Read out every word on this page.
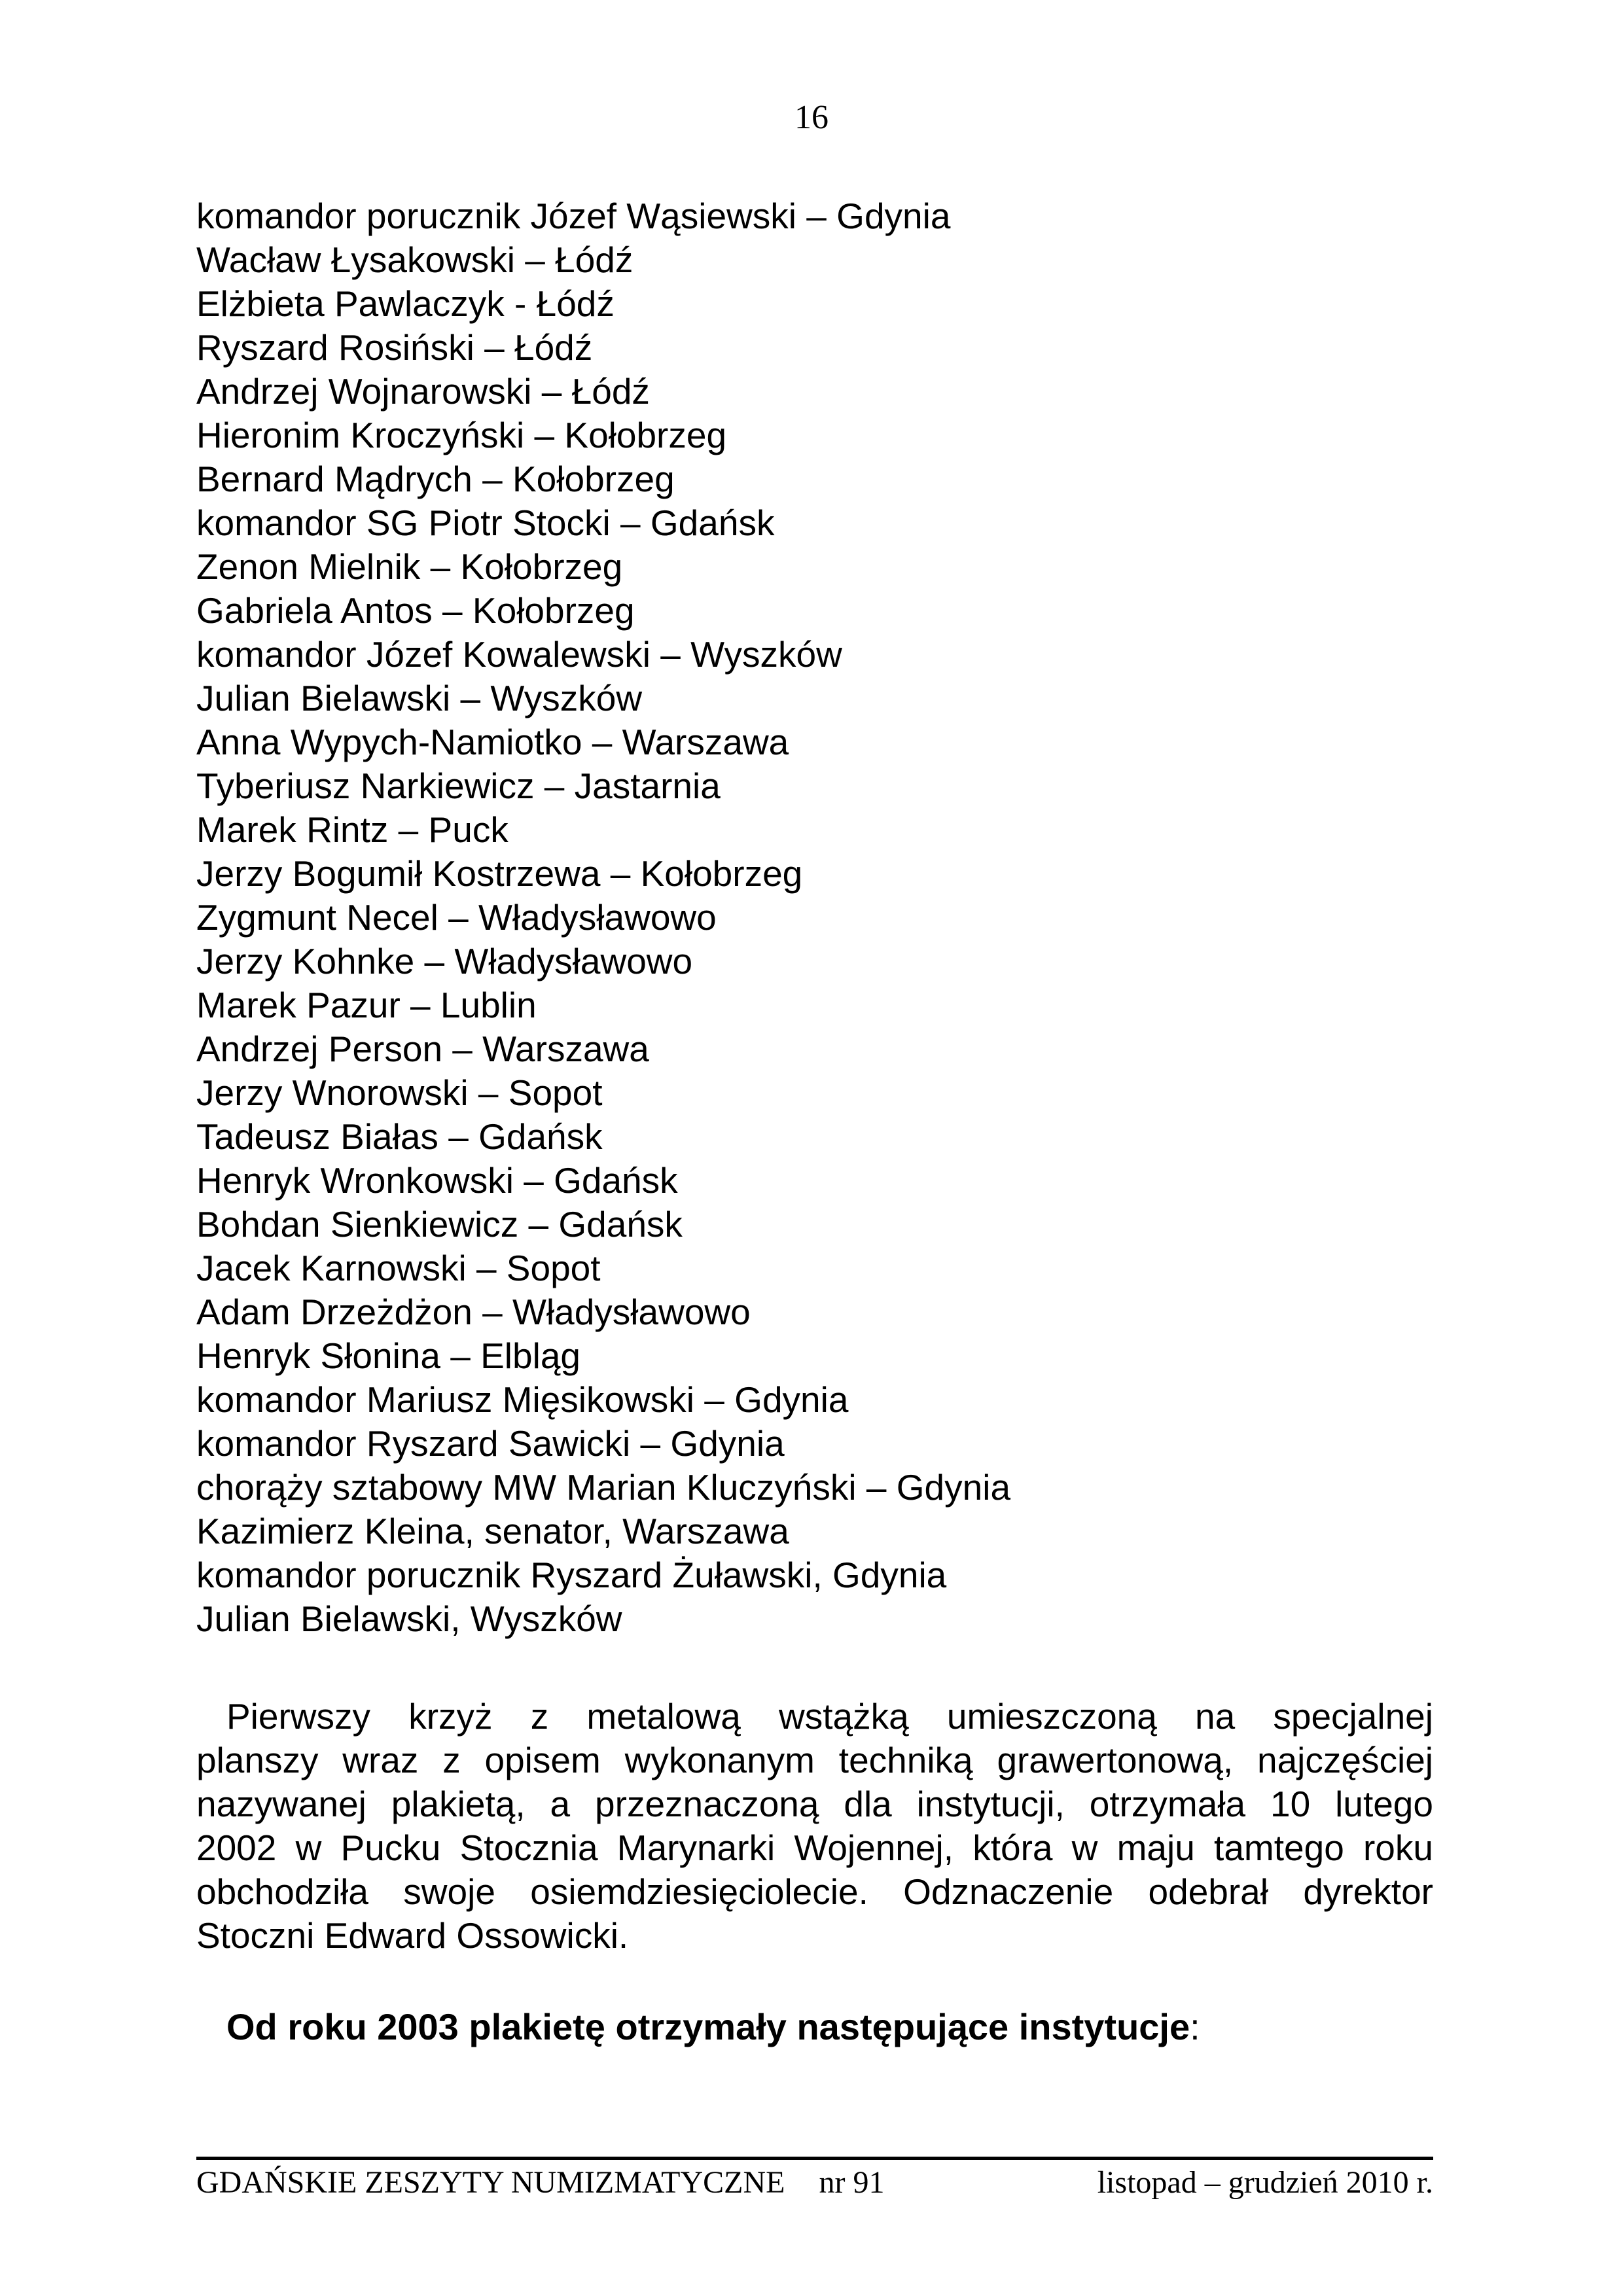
16
komandor porucznik Józef Wąsiewski – Gdynia
Wacław Łysakowski – Łódź
Elżbieta Pawlaczyk - Łódź
Ryszard Rosiński – Łódź
Andrzej Wojnarowski – Łódź
Hieronim Kroczyński – Kołobrzeg
Bernard Mądrych – Kołobrzeg
komandor SG Piotr Stocki – Gdańsk
Zenon Mielnik – Kołobrzeg
Gabriela Antos – Kołobrzeg
komandor Józef Kowalewski – Wyszków
Julian Bielawski – Wyszków
Anna Wypych-Namiotko – Warszawa
Tyberiusz Narkiewicz – Jastarnia
Marek Rintz – Puck
Jerzy Bogumił Kostrzewa – Kołobrzeg
Zygmunt Necel – Władysławowo
Jerzy Kohnke – Władysławowo
Marek Pazur – Lublin
Andrzej Person – Warszawa
Jerzy Wnorowski – Sopot
Tadeusz Białas – Gdańsk
Henryk Wronkowski – Gdańsk
Bohdan Sienkiewicz – Gdańsk
Jacek Karnowski – Sopot
Adam Drzeżdżon – Władysławowo
Henryk Słonina – Elbląg
komandor Mariusz Mięsikowski – Gdynia
komandor Ryszard Sawicki – Gdynia
chorąży sztabowy MW Marian Kluczyński – Gdynia
Kazimierz Kleina, senator, Warszawa
komandor porucznik Ryszard Żuławski, Gdynia
Julian Bielawski, Wyszków
Pierwszy krzyż z metalową wstążką umieszczoną na specjalnej
planszy wraz z opisem wykonanym techniką grawertonową, najczęściej
nazywanej plakietą, a przeznaczoną dla instytucji, otrzymała 10 lutego
2002 w Pucku Stocznia Marynarki Wojennej, która w maju tamtego roku
obchodziła swoje osiemdziesięciolecie. Odznaczenie odebrał dyrektor
Stoczni Edward Ossowicki.
Od roku 2003 plakietę otrzymały następujące instytucje:
GDAŃSKIE ZESZYTY NUMIZMATYCZNE nr 91	listopad – grudzień 2010 r.
